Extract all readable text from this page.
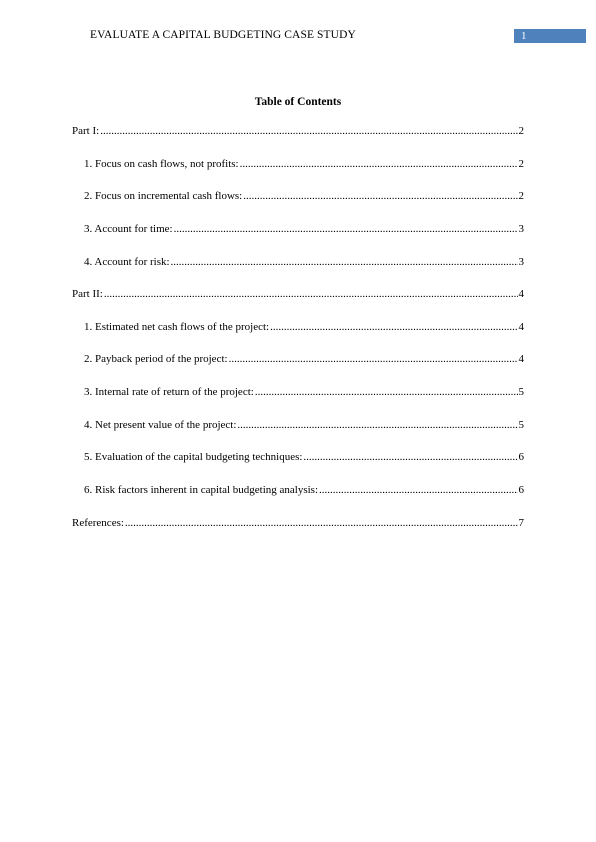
EVALUATE A CAPITAL BUDGETING CASE STUDY	1
Table of Contents
Part I: .....	2
1. Focus on cash flows, not profits: .....	2
2. Focus on incremental cash flows: .....	2
3. Account for time: .....	3
4. Account for risk: .....	3
Part II: .....	4
1. Estimated net cash flows of the project: .....	4
2. Payback period of the project: .....	4
3. Internal rate of return of the project: .....	5
4. Net present value of the project: .....	5
5. Evaluation of the capital budgeting techniques: .....	6
6. Risk factors inherent in capital budgeting analysis: .....	6
References: .....	7
